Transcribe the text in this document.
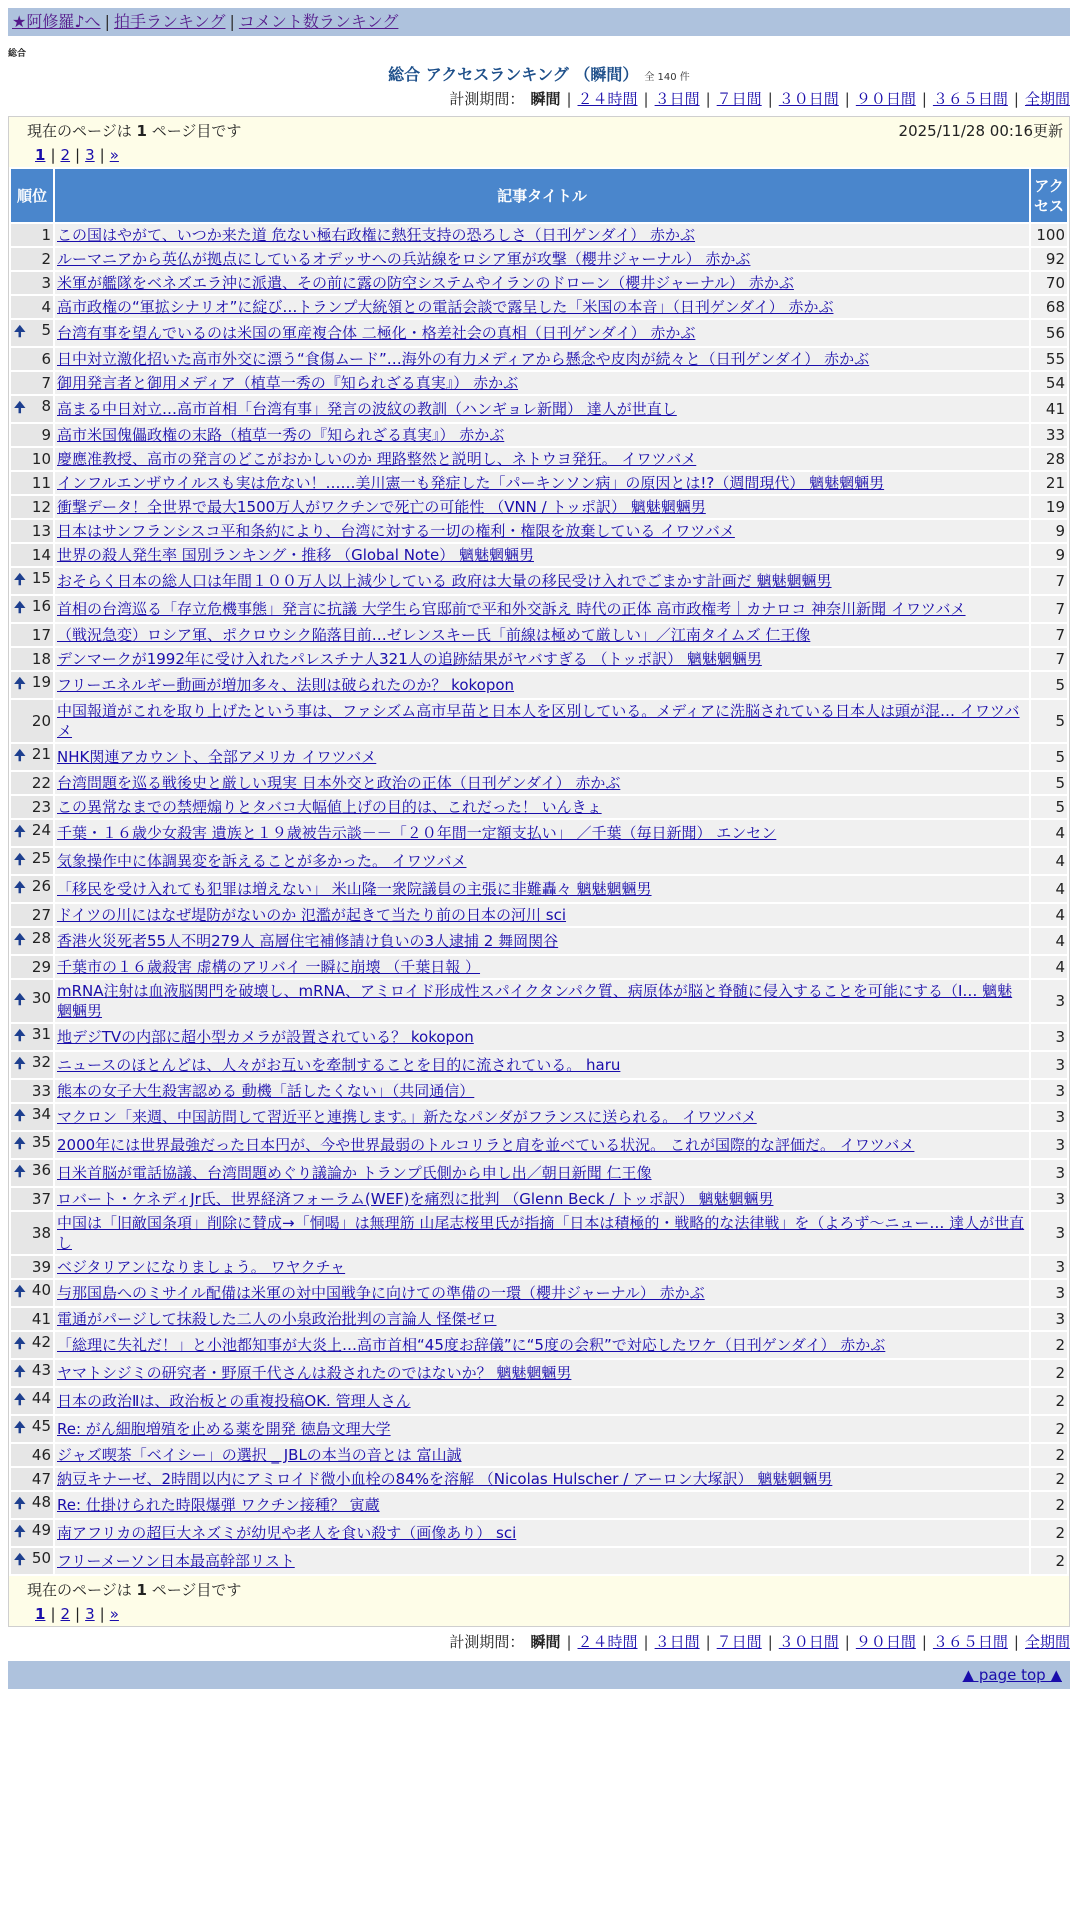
★阿修羅♪へ | 拍手ランキング | コメント数ランキング
総合
総合 アクセスランキング （瞬間） 全 140 件
計測期間： 瞬間 | ２４時間 | ３日間 | ７日間 | ３０日間 | ９０日間 | ３６５日間 | 全期間
現在のページは 1 ページ目です	2025/11/28 00:16更新
1 | 2 | 3 | »
順位	記事タイトル	アクセス
1	この国はやがて、いつか来た道 危ない極右政権に熱狂支持の恐ろしさ（日刊ゲンダイ） 赤かぶ	100
2	ルーマニアから英仏が拠点にしているオデッサへの兵站線をロシア軍が攻撃（櫻井ジャーナル） 赤かぶ	92
3	米軍が艦隊をベネズエラ沖に派遣、その前に露の防空システムやイランのドローン（櫻井ジャーナル） 赤かぶ	70
4	高市政権の“軍拡シナリオ”に綻び…トランプ大統領との電話会談で露呈した「米国の本音」（日刊ゲンダイ） 赤かぶ	68

🠉 5	台湾有事を望んでいるのは米国の軍産複合体 二極化・格差社会の真相（日刊ゲンダイ） 赤かぶ	56
6	日中対立激化招いた高市外交に漂う“食傷ムード”…海外の有力メディアから懸念や皮肉が続々と（日刊ゲンダイ） 赤かぶ	55
7	御用発言者と御用メディア（植草一秀の『知られざる真実』） 赤かぶ	54

🠉 8	高まる中日対立…高市首相「台湾有事」発言の波紋の教訓（ハンギョレ新聞） 達人が世直し	41
9	高市米国傀儡政権の末路（植草一秀の『知られざる真実』） 赤かぶ	33
10	慶應准教授、高市の発言のどこがおかしいのか 理路整然と説明し、ネトウヨ発狂。 イワツバメ	28
11	インフルエンザウイルスも実は危ない！……美川憲一も発症した「パーキンソン病」の原因とは!?（週間現代） 魑魅魍魎男	21
12	衝撃データ！全世界で最大1500万人がワクチンで死亡の可能性 （VNN / トッポ訳） 魑魅魍魎男	19
13	日本はサンフランシスコ平和条約により、台湾に対する一切の権利・権限を放棄している イワツバメ	9
14	世界の殺人発生率 国別ランキング・推移 （Global Note） 魑魅魍魎男	9

🠉 15	おそらく日本の総人口は年間１００万人以上減少している 政府は大量の移民受け入れでごまかす計画だ 魑魅魍魎男	7

🠉 16	首相の台湾巡る「存立危機事態」発言に抗議 大学生ら官邸前で平和外交訴え 時代の正体 高市政権考｜カナロコ 神奈川新聞 イワツバメ	7
17	（戦況急変）ロシア軍、ポクロウシク陥落目前…ゼレンスキー氏「前線は極めて厳しい」／江南タイムズ 仁王像	7
18	デンマークが1992年に受け入れたパレスチナ人321人の追跡結果がヤバすぎる （トッポ訳） 魑魅魍魎男	7

🠉 19	フリーエネルギー動画が増加多々、法則は破られたのか？ kokopon	5
20	中国報道がこれを取り上げたという事は、ファシズム高市早苗と日本人を区別している。メディアに洗脳されている日本人は頭が混… イワツバメ	5

🠉 21	NHK関連アカウント、全部アメリカ イワツバメ	5
22	台湾問題を巡る戦後史と厳しい現実 日本外交と政治の正体（日刊ゲンダイ） 赤かぶ	5
23	この異常なまでの禁煙煽りとタバコ大幅値上げの目的は、これだった！ いんきょ	5

🠉 24	千葉・１６歳少女殺害 遺族と１９歳被告示談－－「２０年間一定額支払い」 ／千葉（毎日新聞） エンセン	4

🠉 25	気象操作中に体調異変を訴えることが多かった。 イワツバメ	4

🠉 26	「移民を受け入れても犯罪は増えない」 米山隆一衆院議員の主張に非難轟々 魑魅魍魎男	4
27	ドイツの川にはなぜ堤防がないのか 氾濫が起きて当たり前の日本の河川 sci	4

🠉 28	香港火災死者55人不明279人 高層住宅補修請け負いの3人逮捕 2 舞岡関谷	4
29	千葉市の１６歳殺害 虚構のアリバイ 一瞬に崩壊 （千葉日報 ）	4

🠉 30	mRNA注射は血液脳関門を破壊し、mRNA、アミロイド形成性スパイクタンパク質、病原体が脳と脊髄に侵入することを可能にする（I… 魑魅魍魎男	3

🠉 31	地デジTVの内部に超小型カメラが設置されている？ kokopon	3

🠉 32	ニュースのほとんどは、人々がお互いを牽制することを目的に流されている。 haru	3
33	熊本の女子大生殺害認める 動機「話したくない」（共同通信）	3

🠉 34	マクロン「来週、中国訪問して習近平と連携します。」新たなパンダがフランスに送られる。 イワツバメ	3

🠉 35	2000年には世界最強だった日本円が、今や世界最弱のトルコリラと肩を並べている状況。 これが国際的な評価だ。 イワツバメ	3

🠉 36	日米首脳が電話協議、台湾問題めぐり議論か トランプ氏側から申し出／朝日新聞 仁王像	3
37	ロバート・ケネディJr氏、世界経済フォーラム(WEF)を痛烈に批判 （Glenn Beck / トッポ訳） 魑魅魍魎男	3
38	中国は「旧敵国条項」削除に賛成→「恫喝」は無理筋 山尾志桜里氏が指摘「日本は積極的・戦略的な法律戦」を（よろず～ニュー… 達人が世直し	3
39	ベジタリアンになりましょう。 ワヤクチャ	3

🠉 40	与那国島へのミサイル配備は米軍の対中国戦争に向けての準備の一環（櫻井ジャーナル） 赤かぶ	3
41	電通がパージして抹殺した二人の小泉政治批判の言論人 怪傑ゼロ	3

🠉 42	「総理に失礼だ！」と小池都知事が大炎上…高市首相“45度お辞儀”に“5度の会釈”で対応したワケ（日刊ゲンダイ） 赤かぶ	2

🠉 43	ヤマトシジミの研究者・野原千代さんは殺されたのではないか？ 魑魅魍魎男	2

🠉 44	日本の政治Ⅱは、政治板との重複投稿OK. 管理人さん	2

🠉 45	Re: がん細胞増殖を止める薬を開発 徳島文理大学	2
46	ジャズ喫茶「ベイシー」の選択 _ JBLの本当の音とは 富山誠	2
47	納豆キナーゼ、2時間以内にアミロイド微小血栓の84%を溶解 （Nicolas Hulscher / アーロン大塚訳） 魑魅魍魎男	2

🠉 48	Re: 仕掛けられた時限爆弾 ワクチン接種？ 寅蔵	2

🠉 49	南アフリカの超巨大ネズミが幼児や老人を食い殺す（画像あり） sci	2

🠉 50	フリーメーソン日本最高幹部リスト	2
現在のページは 1 ページ目です
1 | 2 | 3 | »
計測期間： 瞬間 | ２４時間 | ３日間 | ７日間 | ３０日間 | ９０日間 | ３６５日間 | 全期間
▲ page top ▲
